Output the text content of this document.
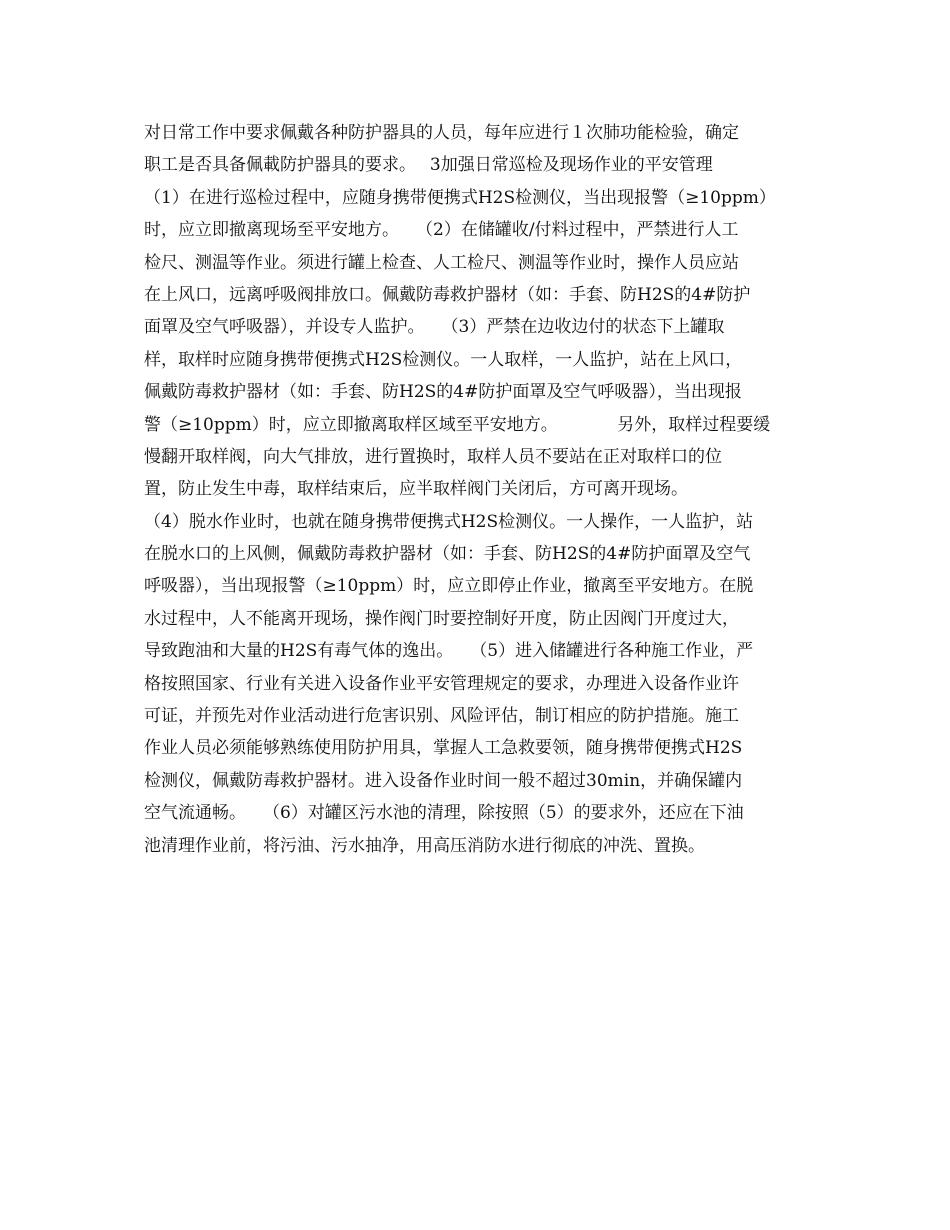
对日常工作中要求佩戴各种防护器具的人员，每年应进行１次肺功能检验，确定
职工是否具备佩載防护器具的要求。　 3加强日常巡检及现场作业的平安管理
（1）在进行巡检过程中，应随身携带便携式H2S检测仪，当出现报警（≥10ppm）
时，应立即撤离现场至平安地方。　　（2）在储罐收/付料过程中，严禁进行人工
检尺、测温等作业。须进行罐上检查、人工检尺、测温等作业时，操作人员应站
在上风口，远离呼吸阀排放口。佩戴防毒救护器材（如：手套、防H2S的4#防护
面罩及空气呼吸器），并设专人监护。　　（3）严禁在边收边付的状态下上罐取
样，取样时应随身携带便携式H2S检测仪。一人取样，一人监护，站在上风口，
佩戴防毒救护器材（如：手套、防H2S的4#防护面罩及空气呼吸器），当出现报
警（≥10ppm）时，应立即撤离取样区域至平安地方。　　　　另外，取样过程要缓
慢翻开取样阀，向大气排放，进行置换时，取样人员不要站在正对取样口的位
置，防止发生中毒，取样结束后，应半取样阀门关闭后，方可离开现场。
（4）脱水作业时，也就在随身携带便携式H2S检测仪。一人操作，一人监护，站
在脱水口的上风侧，佩戴防毒救护器材（如：手套、防H2S的4#防护面罩及空气
呼吸器），当出现报警（≥10ppm）时，应立即停止作业，撤离至平安地方。在脱
水过程中，人不能离开现场，操作阀门时要控制好开度，防止因阀门开度过大，
导致跑油和大量的H2S有毒气体的逸出。　　（5）进入储罐进行各种施工作业，严
格按照国家、行业有关进入设备作业平安管理规定的要求，办理进入设备作业许
可证，并预先对作业活动进行危害识别、风险评估，制订相应的防护措施。施工
作业人员必须能够熟练使用防护用具，掌握人工急救要领，随身携带便携式H2S
检测仪，佩戴防毒救护器材。进入设备作业时间一般不超过30min，并确保罐内
空气流通畅。　　（6）对罐区污水池的清理，除按照（5）的要求外，还应在下油
池清理作业前，将污油、污水抽净，用高压消防水进行彻底的冲洗、置换。
